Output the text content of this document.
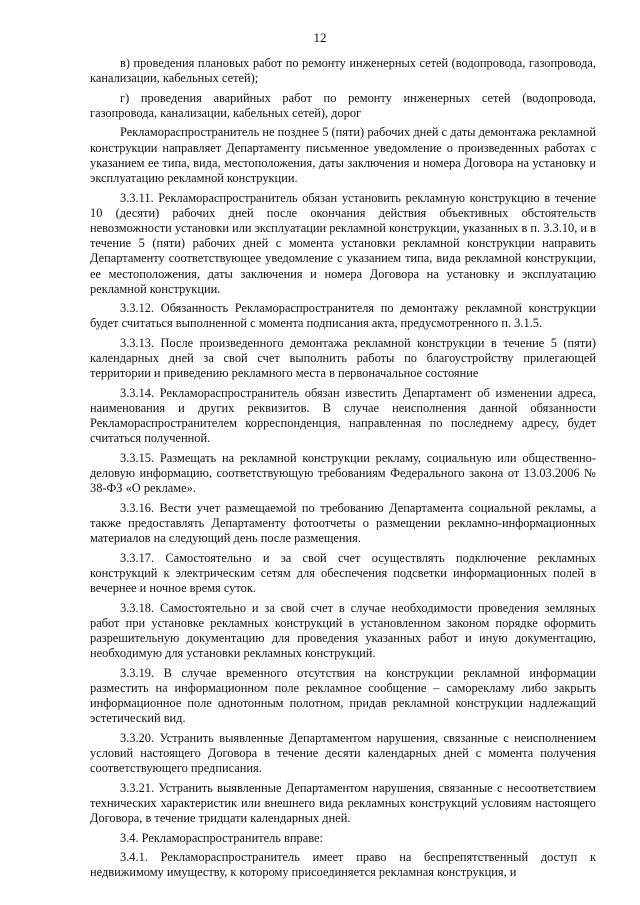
12

в) проведения плановых работ по ремонту инженерных сетей (водопровода, газопровода, канализации, кабельных сетей);

г) проведения аварийных работ по ремонту инженерных сетей (водопровода, газопровода, канализации, кабельных сетей), дорог

Рекламораспространитель не позднее 5 (пяти) рабочих дней с даты демонтажа рекламной конструкции направляет Департаменту письменное уведомление о произведенных работах с указанием ее типа, вида, местоположения, даты заключения и номера Договора на установку и эксплуатацию рекламной конструкции.

3.3.11. Рекламораспространитель обязан установить рекламную конструкцию в течение 10 (десяти) рабочих дней после окончания действия объективных обстоятельств невозможности установки или эксплуатации рекламной конструкции, указанных в п. 3.3.10, и в течение 5 (пяти) рабочих дней с момента установки рекламной конструкции направить Департаменту соответствующее уведомление с указанием типа, вида рекламной конструкции, ее местоположения, даты заключения и номера Договора на установку и эксплуатацию рекламной конструкции.

3.3.12. Обязанность Рекламораспространителя по демонтажу рекламной конструкции будет считаться выполненной с момента подписания акта, предусмотренного п. 3.1.5.

3.3.13. После произведенного демонтажа рекламной конструкции в течение 5 (пяти) календарных дней за свой счет выполнить работы по благоустройству прилегающей территории и приведению рекламного места в первоначальное состояние

3.3.14. Рекламораспространитель обязан известить Департамент об изменении адреса, наименования и других реквизитов. В случае неисполнения данной обязанности Рекламораспространителем корреспонденция, направленная по последнему адресу, будет считаться полученной.

3.3.15. Размещать на рекламной конструкции рекламу, социальную или общественно-деловую информацию, соответствующую требованиям Федерального закона от 13.03.2006 № 38-ФЗ «О рекламе».

3.3.16. Вести учет размещаемой по требованию Департамента социальной рекламы, а также предоставлять Департаменту фотоотчеты о размещении рекламно-информационных материалов на следующий день после размещения.

3.3.17. Самостоятельно и за свой счет осуществлять подключение рекламных конструкций к электрическим сетям для обеспечения подсветки информационных полей в вечернее и ночное время суток.

3.3.18. Самостоятельно и за свой счет в случае необходимости проведения земляных работ при установке рекламных конструкций в установленном законом порядке оформить разрешительную документацию для проведения указанных работ и иную документацию, необходимую для установки рекламных конструкций.

3.3.19. В случае временного отсутствия на конструкции рекламной информации разместить на информационном поле рекламное сообщение – саморекламу либо закрыть информационное поле однотонным полотном, придав рекламной конструкции надлежащий эстетический вид.

3.3.20. Устранить выявленные Департаментом нарушения, связанные с неисполнением условий настоящего Договора в течение десяти календарных дней с момента получения соответствующего предписания.

3.3.21. Устранить выявленные Департаментом нарушения, связанные с несоответствием технических характеристик или внешнего вида рекламных конструкций условиям настоящего Договора, в течение тридцати календарных дней.

3.4. Рекламораспространитель вправе:

3.4.1. Рекламораспространитель имеет право на беспрепятственный доступ к недвижимому имуществу, к которому присоединяется рекламная конструкция, и
